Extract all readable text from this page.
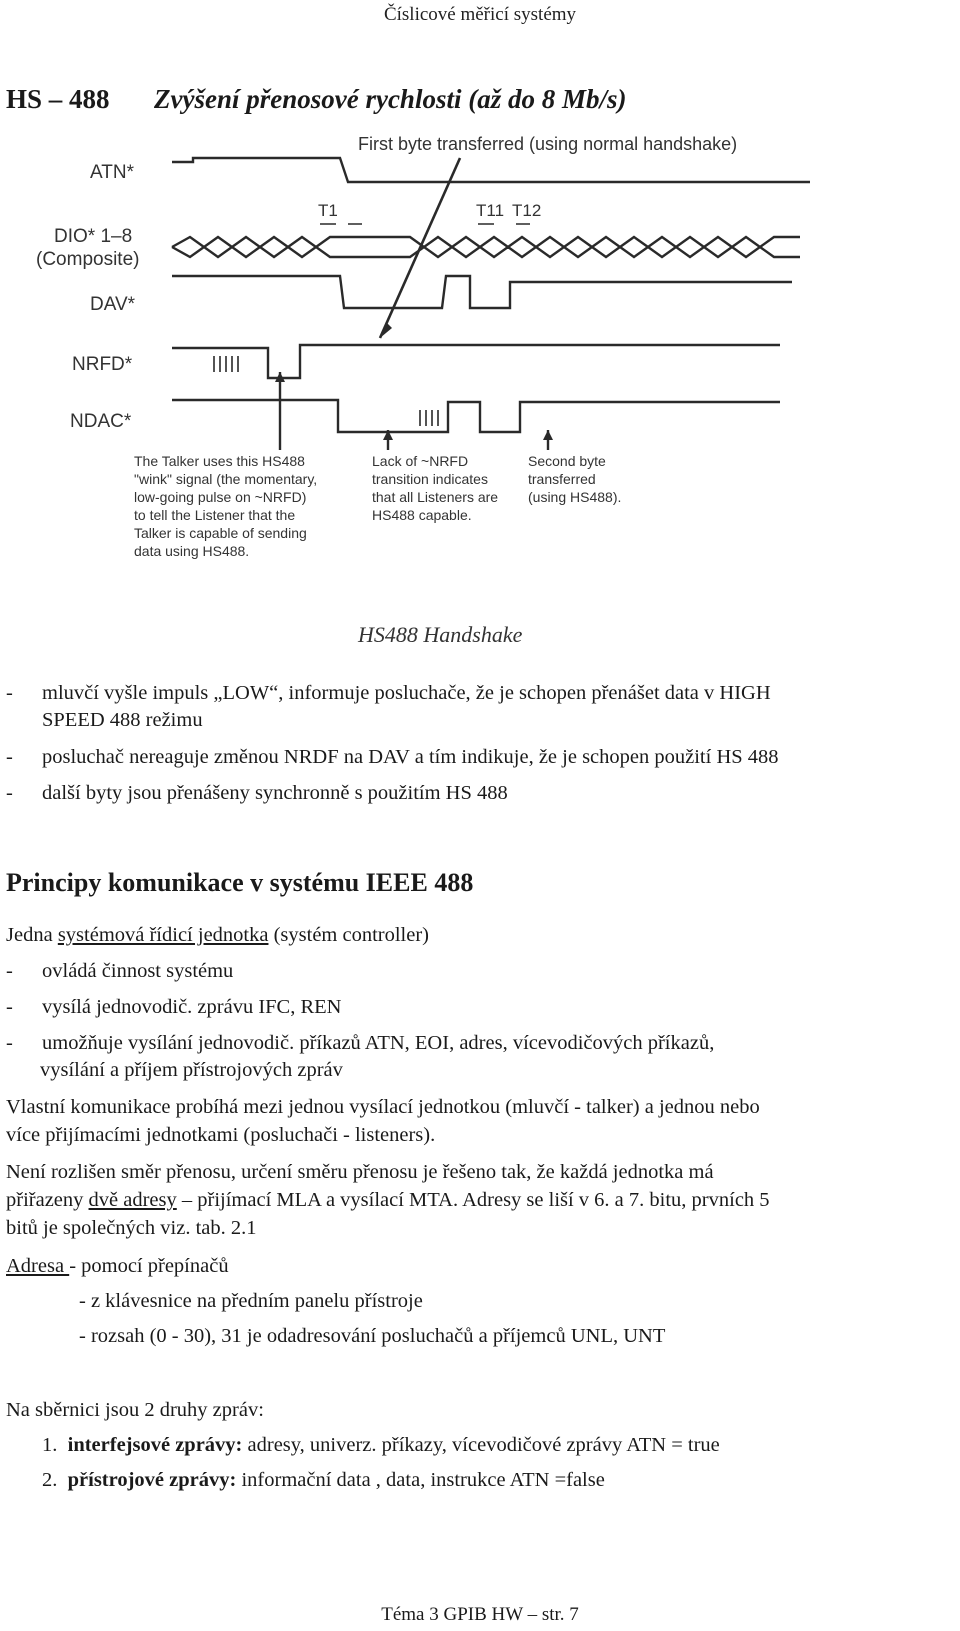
Číslicové měřicí systémy
HS – 488 Zvýšení přenosové rychlosti (až do 8 Mb/s)
First byte transferred (using normal handshake)
ATN*
DIO* 1–8
(Composite)
DAV*
NRFD*
NDAC*
T1	T11 T12
The Talker uses this HS488
"wink" signal (the momentary,
low-going pulse on ~NRFD)
to tell the Listener that the
Talker is capable of sending
data using HS488.
Lack of ~NRFD
transition indicates
that all Listeners are
HS488 capable.
Second byte
transferred
(using HS488).
HS488 Handshake
- mluvčí vyšle impuls „LOW“, informuje posluchače, že je schopen přenášet data v HIGH
SPEED 488 režimu
- posluchač nereaguje změnou NRDF na DAV a tím indikuje, že je schopen použití HS 488
- další byty jsou přenášeny synchronně s použitím HS 488
Principy komunikace v systému IEEE 488
Jedna systémová řídicí jednotka (systém controller)
- ovládá činnost systému
- vysílá jednovodič. zprávu IFC, REN
- umožňuje vysílání jednovodič. příkazů ATN, EOI, adres, vícevodičových příkazů,
vysílání a příjem přístrojových zpráv
Vlastní komunikace probíhá mezi jednou vysílací jednotkou (mluvčí - talker) a jednou nebo
více přijímacími jednotkami (posluchači - listeners).
Není rozlišen směr přenosu, určení směru přenosu je řešeno tak, že každá jednotka má
přiřazeny dvě adresy – přijímací MLA a vysílací MTA. Adresy se liší v 6. a 7. bitu, prvních 5
bitů je společných viz. tab. 2.1
Adresa - pomocí přepínačů
- z klávesnice na předním panelu přístroje
- rozsah (0 - 30), 31 je odadresování posluchačů a příjemců UNL, UNT
Na sběrnici jsou 2 druhy zpráv:
1. interfejsové zprávy: adresy, univerz. příkazy, vícevodičové zprávy ATN = true
2. přístrojové zprávy: informační data , data, instrukce ATN =false
Téma 3 GPIB HW – str. 7
